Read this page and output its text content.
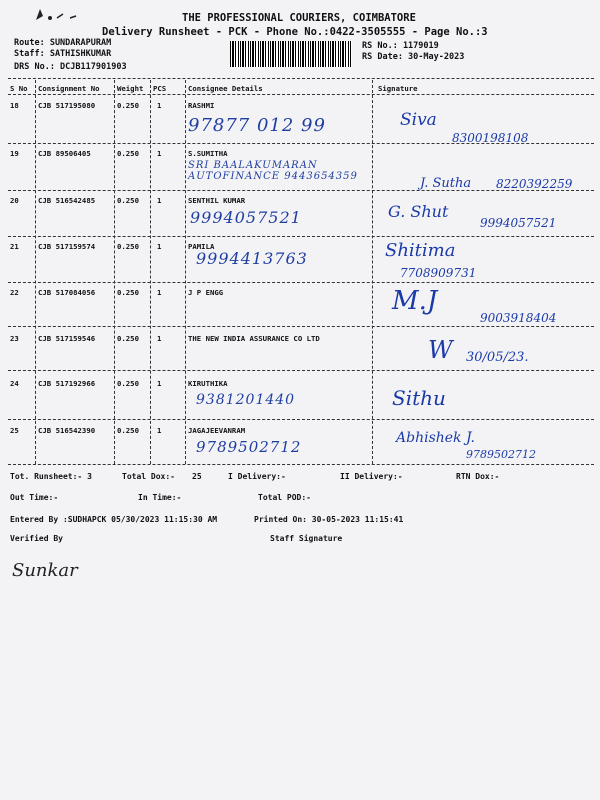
THE PROFESSIONAL COURIERS, COIMBATORE
Delivery Runsheet - PCK - Phone No.:0422-3505555 - Page No.:3
Route: SUNDARAPURAM
Staff: SATHISHKUMAR
DRS No.: DCJB117901903
RS No.: 1179019
RS Date: 30-May-2023
S No Consignment No Weight PCS	Consignee Details	Signature
18	CJB 517195080	0.250 1	RASHMI
97877 012 99	Siva
8300198108
19	CJB 89506405	0.250 1	S.SUMITHA
SRI BAALAKUMARAN AUTOFINANCE 9443654359	J. Sutha 8220392259
20	CJB 516542485	0.250 1	SENTHIL KUMAR
9994057521	G. Shut
9994057521
21	CJB 517159574	0.250 1	PAMILA
9994413763	Shitima
7708909731
22	CJB 517084056	0.250 1	J P ENGG	M.J
9003918404
23	CJB 517159546	0.250 1	THE NEW INDIA ASSURANCE CO LTD	W 30/05/23.
24	CJB 517192966	0.250 1	KIRUTHIKA
9381201440	Sithu
25	CJB 516542390	0.250 1	JAGAJEEVANRAM
9789502712	Abhishek J.
9789502712
Tot. Runsheet:- 3	Total Dox:- 25	I Delivery:-	II Delivery:-	RTN Dox:-
Out Time:-	In Time:-	Total POD:-
Entered By :SUDHAPCK 05/30/2023 11:15:30 AM	Printed On: 30-05-2023 11:15:41
Verified By	Staff Signature
Sunkar
